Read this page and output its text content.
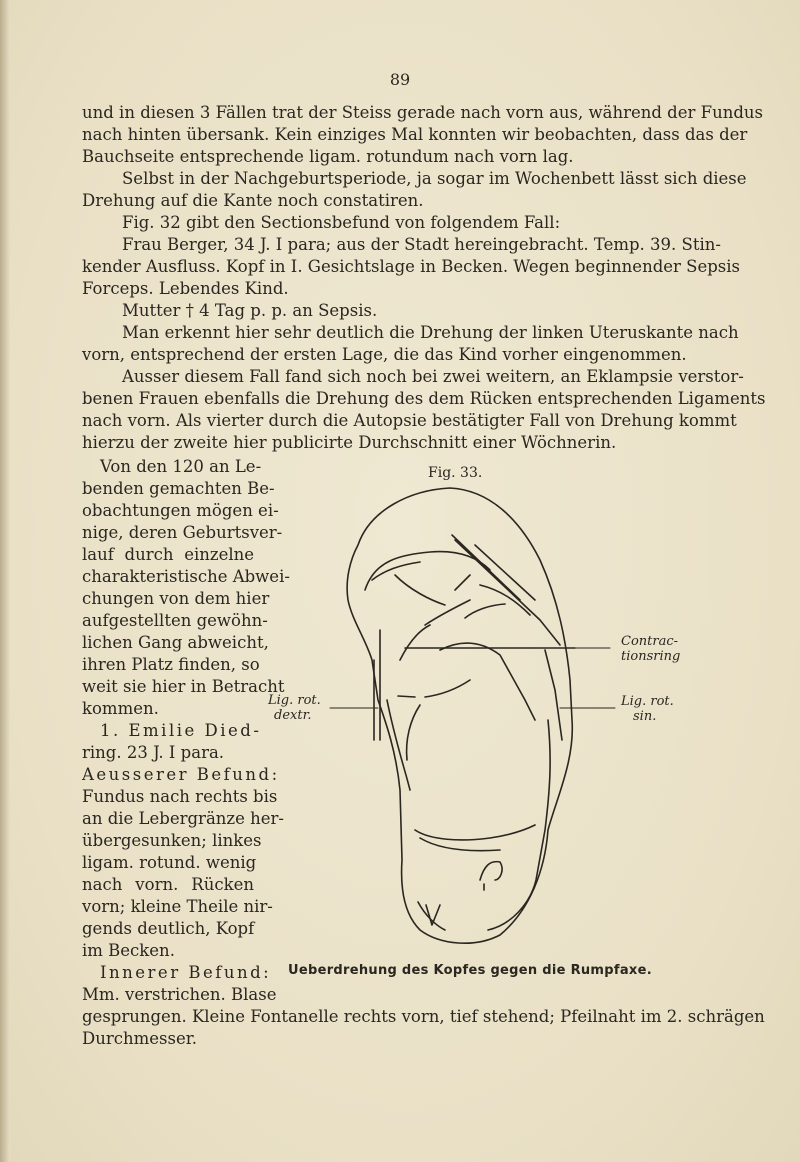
89
und in diesen 3 Fällen trat der Steiss gerade nach vorn aus, während der Fundus
nach hinten übersank. Kein einziges Mal konnten wir beobachten, dass das der
Bauchseite entsprechende ligam. rotundum nach vorn lag.
Selbst in der Nachgeburtsperiode, ja sogar im Wochenbett lässt sich diese
Drehung auf die Kante noch constatiren.
Fig. 32 gibt den Sectionsbefund von folgendem Fall:
Frau Berger, 34 J. I para; aus der Stadt hereingebracht. Temp. 39. Stin-
kender Ausfluss. Kopf in I. Gesichtslage in Becken. Wegen beginnender Sepsis
Forceps. Lebendes Kind.
Mutter † 4 Tag p. p. an Sepsis.
Man erkennt hier sehr deutlich die Drehung der linken Uteruskante nach
vorn, entsprechend der ersten Lage, die das Kind vorher eingenommen.
Ausser diesem Fall fand sich noch bei zwei weitern, an Eklampsie verstor-
benen Frauen ebenfalls die Drehung des dem Rücken entsprechenden Ligaments
nach vorn. Als vierter durch die Autopsie bestätigter Fall von Drehung kommt
hierzu der zweite hier publicirte Durchschnitt einer Wöchnerin.
Von den 120 an Le-
benden gemachten Be-
obachtungen mögen ei-
nige, deren Geburtsver-
lauf durch einzelne
charakteristische Abwei-
chungen von dem hier
aufgestellten gewöhn-
lichen Gang abweicht,
ihren Platz finden, so
weit sie hier in Betracht
kommen.
1. Emilie Died-
ring. 23 J. I para.
Aeusserer Befund:
Fundus nach rechts bis
an die Lebergränze her-
übergesunken; linkes
ligam. rotund. wenig
nach vorn. Rücken
vorn; kleine Theile nir-
gends deutlich, Kopf
im Becken.
Innerer Befund:
Mm. verstrichen. Blase
gesprungen. Kleine Fontanelle rechts vorn, tief stehend; Pfeilnaht im 2. schrägen
Durchmesser.
Fig. 33.
Contrac-
tionsring
Lig. rot.
sin.
Lig. rot.
dextr.
Ueberdrehung des Kopfes gegen die Rumpfaxe.
